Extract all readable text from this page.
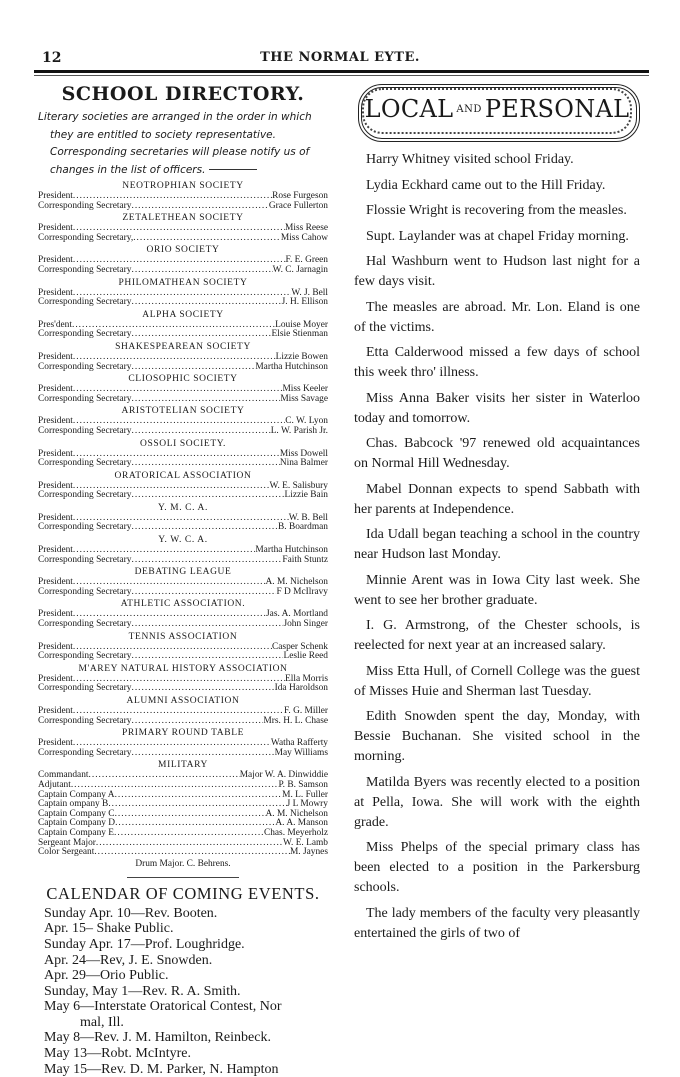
12	THE NORMAL EYTE.
SCHOOL DIRECTORY.
Literary societies are arranged in the order in which they are entitled to society representative. Corresponding secretaries will please notify us of changes in the list of officers.
NEOTROPHIAN SOCIETY
President .....	Rose Furgeson
Corresponding Secretary .....	Grace Fullerton
ZETALETHEAN SOCIETY
President .....	Miss Reese
Corresponding Secretary, .....	Miss Cahow
ORIO SOCIETY
President .....	F. E. Green
Corresponding Secretary .....	W. C. Jarnagin
PHILOMATHEAN SOCIETY
President .....	W. J. Bell
Corresponding Secretary .....	J. H. Ellison
ALPHA SOCIETY
Pres'dent .....	Louise Moyer
Corresponding Secretary .....	Elsie Stienman
SHAKESPEAREAN SOCIETY
President .....	Lizzie Bowen
Corresponding Secretary .....	Martha Hutchinson
CLIOSOPHIC SOCIETY
President .....	Miss Keeler
Corresponding Secretary .....	Miss Savage
ARISTOTELIAN SOCIETY
President .....	C. W. Lyon
Corresponding Secretary .....	L. W. Parish Jr.
OSSOLI SOCIETY.
President .....	Miss Dowell
Corresponding Secretary .....	Nina Balmer
ORATORICAL ASSOCIATION
President .....	W. E. Salisbury
Corresponding Secretary .....	Lizzie Bain
Y. M. C. A.
President .....	W. B. Bell
Corresponding Secretary .....	B. Boardman
Y. W. C. A.
President .....	Martha Hutchinson
Corresponding Secretary .....	Faith Stuntz
DEBATING LEAGUE
President .....	A. M. Nichelson
Corresponding Secretary .....	F D McIlravy
ATHLETIC ASSOCIATION.
President .....	Jas. A. Mortland
Corresponding Secretary .....	John Singer
TENNIS ASSOCIATION
President .....	Casper Schenk
Corresponding Secretary .....	Leslie Reed
M'AREY NATURAL HISTORY ASSOCIATION
President .....	Ella Morris
Corresponding Secretary .....	Ida Haroldson
ALUMNI ASSOCIATION
President .....	F. G. Miller
Corresponding Secretary .....	Mrs. H. L. Chase
PRIMARY ROUND TABLE
President .....	Watha Rafferty
Corresponding Secretary .....	May Williams
MILITARY
Commandant .....	Major W. A. Dinwiddie
Adjutant .....	P. B. Samson
Captain Company A .....	M. L. Fuller
Captain ompany B .....	J L Mowry
Captain Company C .....	A. M. Nichelson
Captain Company D .....	A. A. Manson
Captain Company E .....	Chas. Meyerholz
Sergeant Major .....	W. E. Lamb
Color Sergeant .....	M. Jaynes
Drum Major. C. Behrens.
CALENDAR OF COMING EVENTS.
Sunday Apr. 10—Rev. Booten.
Apr. 15– Shake Public.
Sunday Apr. 17—Prof. Loughridge.
Apr. 24—Rev, J. E. Snowden.
Apr. 29—Orio Public.
Sunday, May 1—Rev. R. A. Smith.
May 6—Interstate Oratorical Contest, Nor
mal, Ill.
May 8—Rev. J. M. Hamilton, Reinbeck.
May 13—Robt. McIntyre.
May 15—Rev. D. M. Parker, N. Hampton
LOCAL $^{AND}$ PERSONAL

Harry Whitney visited school Friday.

Lydia Eckhard came out to the Hill Friday.

Flossie Wright is recovering from the measles.

Supt. Laylander was at chapel Friday morning.

Hal Washburn went to Hudson last night for a few days visit.

The measles are abroad. Mr. Lon. Eland is one of the victims.

Etta Calderwood missed a few days of school this week thro' illness.

Miss Anna Baker visits her sister in Waterloo today and tomorrow.

Chas. Babcock '97 renewed old acquaintances on Normal Hill Wednesday.

Mabel Donnan expects to spend Sabbath with her parents at Independence.

Ida Udall began teaching a school in the country near Hudson last Monday.

Minnie Arent was in Iowa City last week. She went to see her brother graduate.

I. G. Armstrong, of the Chester schools, is reelected for next year at an increased salary.

Miss Etta Hull, of Cornell College was the guest of Misses Huie and Sherman last Tuesday.

Edith Snowden spent the day, Monday, with Bessie Buchanan. She visited school in the morning.

Matilda Byers was recently elected to a position at Pella, Iowa. She will work with the eighth grade.

Miss Phelps of the special primary class has been elected to a position in the Parkersburg schools.

The lady members of the faculty very pleasantly entertained the girls of two of
